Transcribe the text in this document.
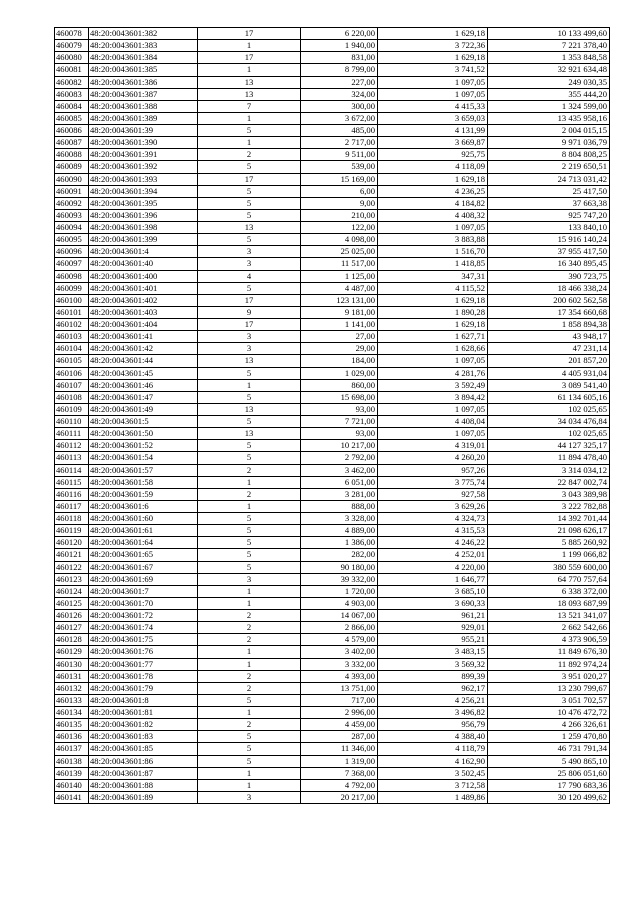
460078	48:20:0043601:382	17	6 220,00	1 629,18	10 133 499,60
460079	48:20:0043601:383	1	1 940,00	3 722,36	7 221 378,40
460080	48:20:0043601:384	17	831,00	1 629,18	1 353 848,58
460081	48:20:0043601:385	1	8 799,00	3 741,52	32 921 634,48
460082	48:20:0043601:386	13	227,00	1 097,05	249 030,35
460083	48:20:0043601:387	13	324,00	1 097,05	355 444,20
460084	48:20:0043601:388	7	300,00	4 415,33	1 324 599,00
460085	48:20:0043601:389	1	3 672,00	3 659,03	13 435 958,16
460086	48:20:0043601:39	5	485,00	4 131,99	2 004 015,15
460087	48:20:0043601:390	1	2 717,00	3 669,87	9 971 036,79
460088	48:20:0043601:391	2	9 511,00	925,75	8 804 808,25
460089	48:20:0043601:392	5	539,00	4 118,09	2 219 650,51
460090	48:20:0043601:393	17	15 169,00	1 629,18	24 713 031,42
460091	48:20:0043601:394	5	6,00	4 236,25	25 417,50
460092	48:20:0043601:395	5	9,00	4 184,82	37 663,38
460093	48:20:0043601:396	5	210,00	4 408,32	925 747,20
460094	48:20:0043601:398	13	122,00	1 097,05	133 840,10
460095	48:20:0043601:399	5	4 098,00	3 883,88	15 916 140,24
460096	48:20:0043601:4	3	25 025,00	1 516,70	37 955 417,50
460097	48:20:0043601:40	3	11 517,00	1 418,85	16 340 895,45
460098	48:20:0043601:400	4	1 125,00	347,31	390 723,75
460099	48:20:0043601:401	5	4 487,00	4 115,52	18 466 338,24
460100	48:20:0043601:402	17	123 131,00	1 629,18	200 602 562,58
460101	48:20:0043601:403	9	9 181,00	1 890,28	17 354 660,68
460102	48:20:0043601:404	17	1 141,00	1 629,18	1 858 894,38
460103	48:20:0043601:41	3	27,00	1 627,71	43 948,17
460104	48:20:0043601:42	3	29,00	1 628,66	47 231,14
460105	48:20:0043601:44	13	184,00	1 097,05	201 857,20
460106	48:20:0043601:45	5	1 029,00	4 281,76	4 405 931,04
460107	48:20:0043601:46	1	860,00	3 592,49	3 089 541,40
460108	48:20:0043601:47	5	15 698,00	3 894,42	61 134 605,16
460109	48:20:0043601:49	13	93,00	1 097,05	102 025,65
460110	48:20:0043601:5	5	7 721,00	4 408,04	34 034 476,84
460111	48:20:0043601:50	13	93,00	1 097,05	102 025,65
460112	48:20:0043601:52	5	10 217,00	4 319,01	44 127 325,17
460113	48:20:0043601:54	5	2 792,00	4 260,20	11 894 478,40
460114	48:20:0043601:57	2	3 462,00	957,26	3 314 034,12
460115	48:20:0043601:58	1	6 051,00	3 775,74	22 847 002,74
460116	48:20:0043601:59	2	3 281,00	927,58	3 043 389,98
460117	48:20:0043601:6	1	888,00	3 629,26	3 222 782,88
460118	48:20:0043601:60	5	3 328,00	4 324,73	14 392 701,44
460119	48:20:0043601:61	5	4 889,00	4 315,53	21 098 626,17
460120	48:20:0043601:64	5	1 386,00	4 246,22	5 885 260,92
460121	48:20:0043601:65	5	282,00	4 252,01	1 199 066,82
460122	48:20:0043601:67	5	90 180,00	4 220,00	380 559 600,00
460123	48:20:0043601:69	3	39 332,00	1 646,77	64 770 757,64
460124	48:20:0043601:7	1	1 720,00	3 685,10	6 338 372,00
460125	48:20:0043601:70	1	4 903,00	3 690,33	18 093 687,99
460126	48:20:0043601:72	2	14 067,00	961,21	13 521 341,07
460127	48:20:0043601:74	2	2 866,00	929,01	2 662 542,66
460128	48:20:0043601:75	2	4 579,00	955,21	4 373 906,59
460129	48:20:0043601:76	1	3 402,00	3 483,15	11 849 676,30
460130	48:20:0043601:77	1	3 332,00	3 569,32	11 892 974,24
460131	48:20:0043601:78	2	4 393,00	899,39	3 951 020,27
460132	48:20:0043601:79	2	13 751,00	962,17	13 230 799,67
460133	48:20:0043601:8	5	717,00	4 256,21	3 051 702,57
460134	48:20:0043601:81	1	2 996,00	3 496,82	10 476 472,72
460135	48:20:0043601:82	2	4 459,00	956,79	4 266 326,61
460136	48:20:0043601:83	5	287,00	4 388,40	1 259 470,80
460137	48:20:0043601:85	5	11 346,00	4 118,79	46 731 791,34
460138	48:20:0043601:86	5	1 319,00	4 162,90	5 490 865,10
460139	48:20:0043601:87	1	7 368,00	3 502,45	25 806 051,60
460140	48:20:0043601:88	1	4 792,00	3 712,58	17 790 683,36
460141	48:20:0043601:89	3	20 217,00	1 489,86	30 120 499,62
